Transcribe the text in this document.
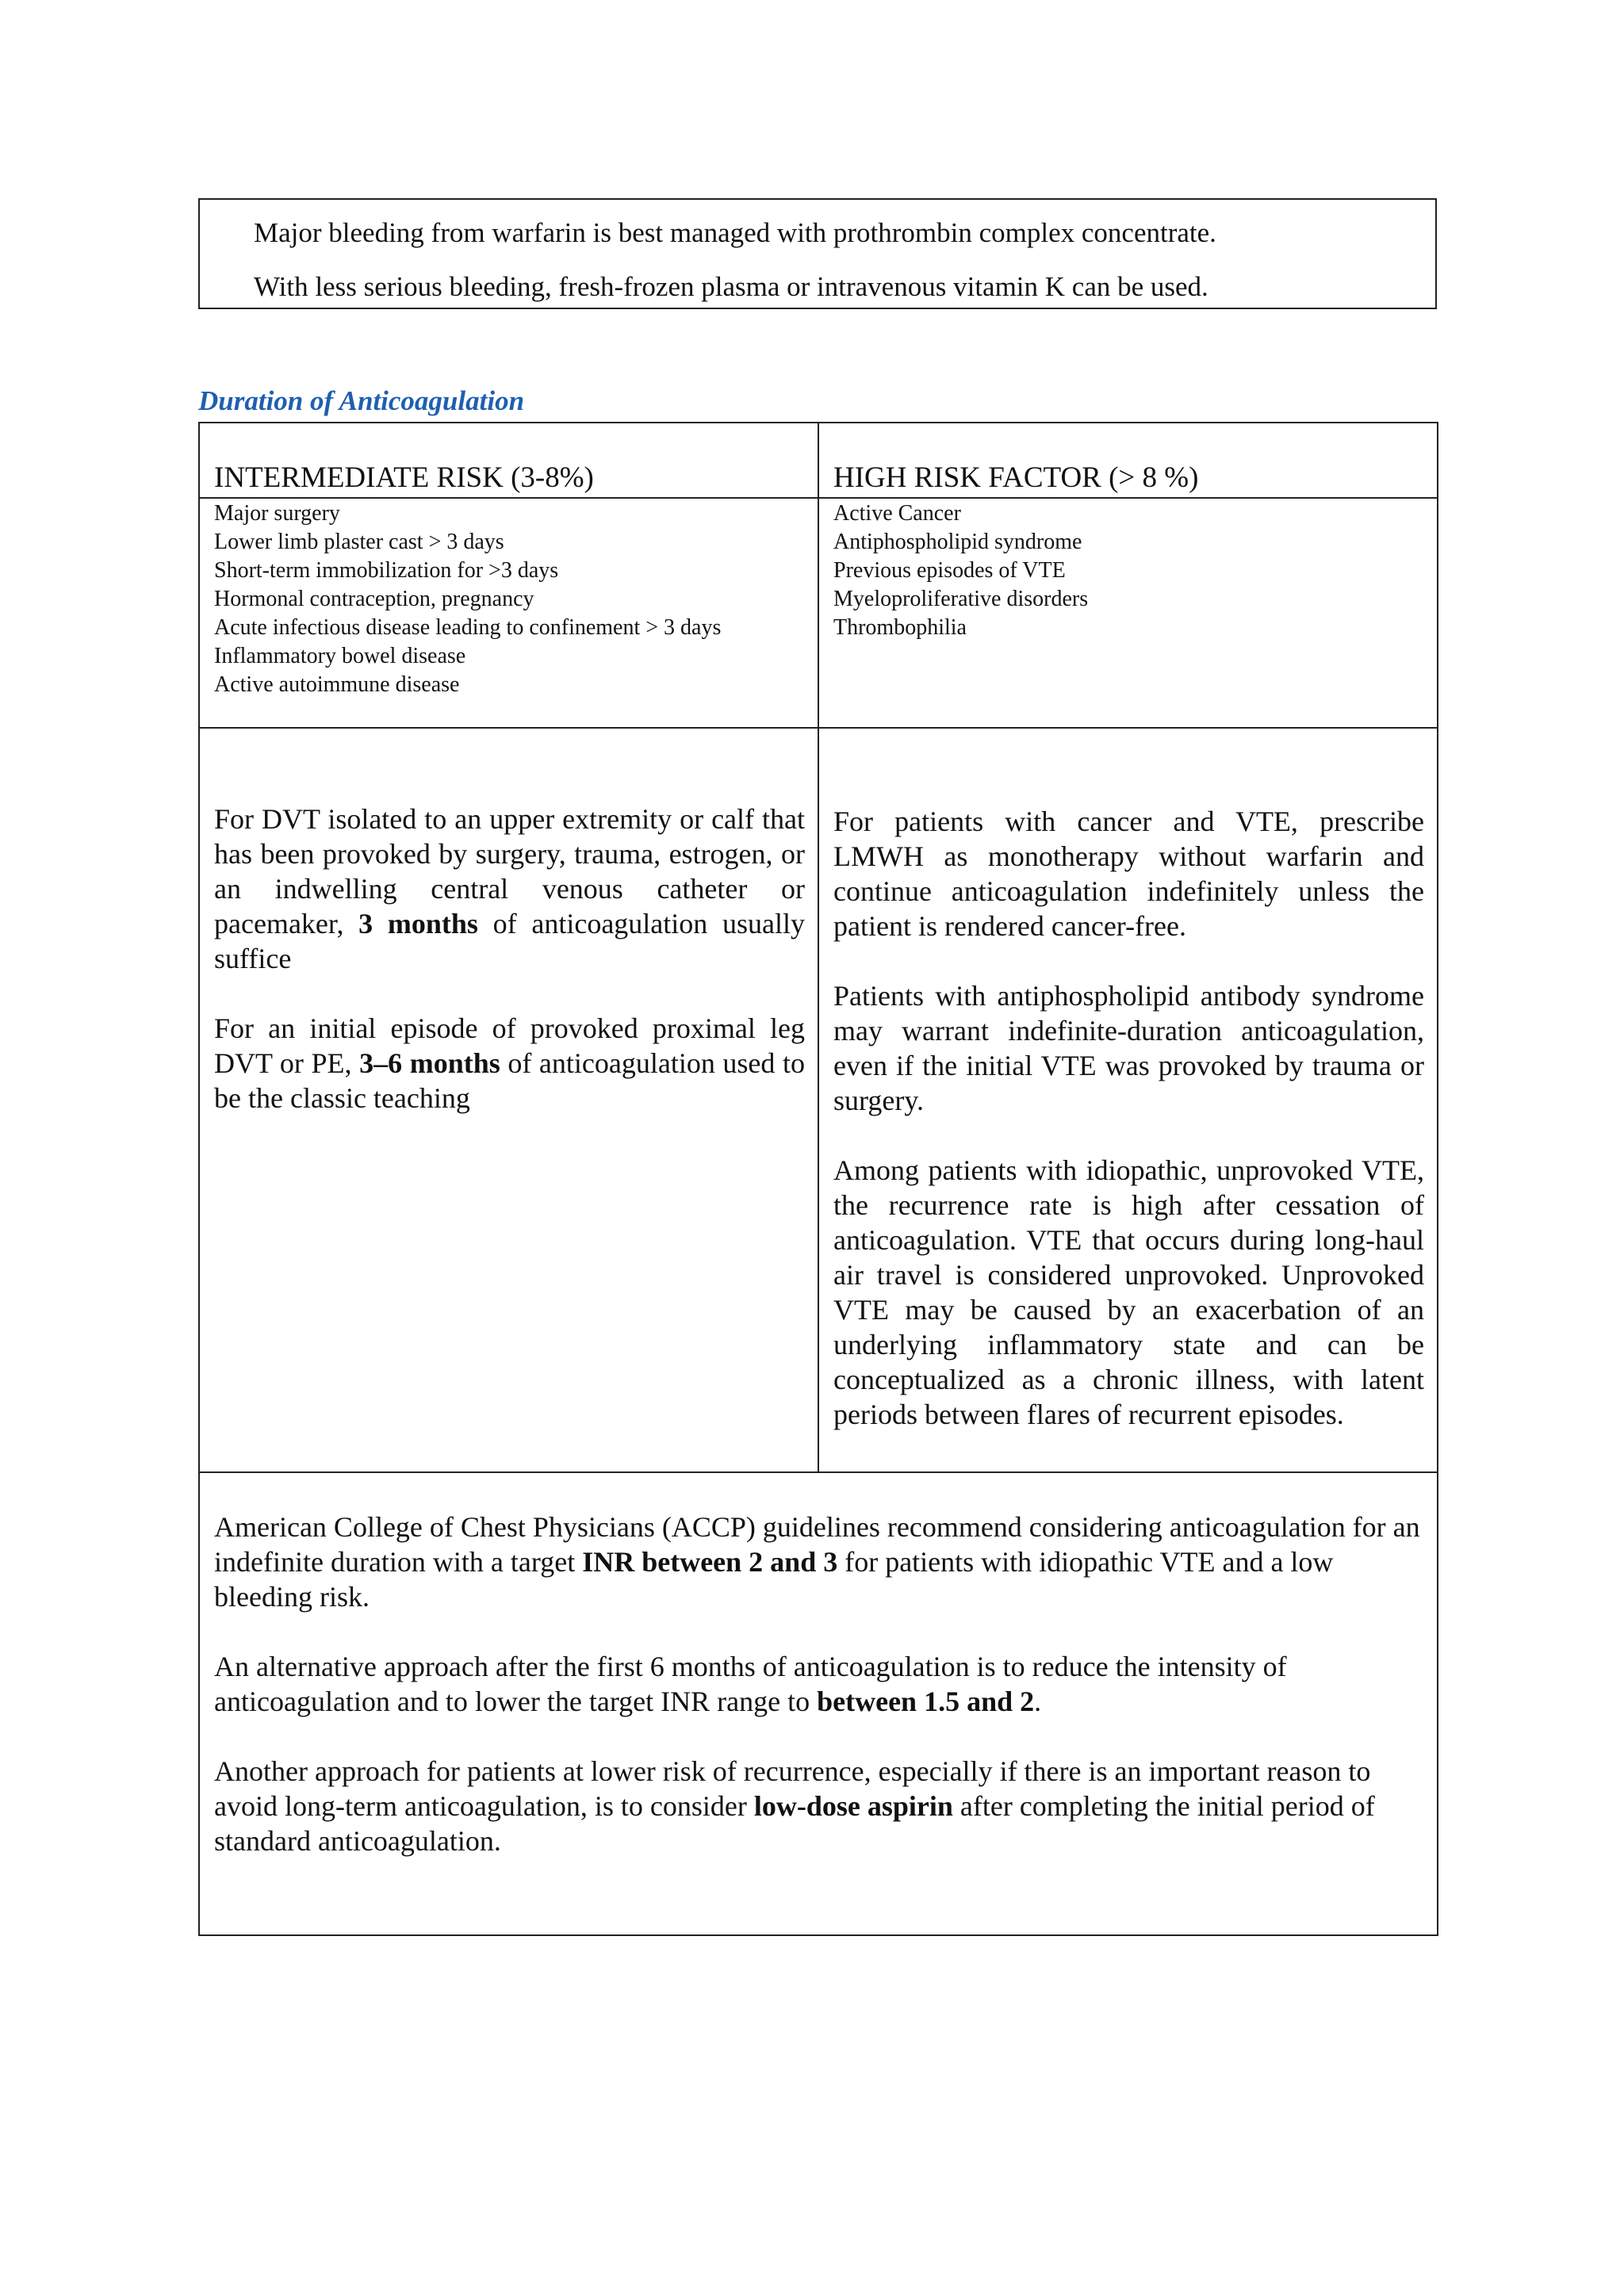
Major bleeding from warfarin is best managed with prothrombin complex concentrate.
With less serious bleeding, fresh-frozen plasma or intravenous vitamin K can be used.
Duration of Anticoagulation
INTERMEDIATE RISK (3-8%)	HIGH RISK FACTOR (> 8 %)
Major surgery
Lower limb plaster cast > 3 days
Short-term immobilization for >3 days
Hormonal contraception, pregnancy
Acute infectious disease leading to confinement > 3 days
Inflammatory bowel disease
Active autoimmune disease
Active Cancer
Antiphospholipid syndrome
Previous episodes of VTE
Myeloproliferative disorders
Thrombophilia

For DVT isolated to an upper extremity or calf that has been provoked by surgery, trauma, estrogen, or an indwelling central venous catheter or pacemaker, 3 months of anticoagulation usually suffice

For an initial episode of provoked proximal leg DVT or PE, 3–6 months of anticoagulation used to be the classic teaching

For patients with cancer and VTE, prescribe LMWH as monotherapy without warfarin and continue anticoagulation indefinitely unless the patient is rendered cancer-free.

Patients with antiphospholipid antibody syndrome may warrant indefinite-duration anticoagulation, even if the initial VTE was provoked by trauma or surgery.

Among patients with idiopathic, unprovoked VTE, the recurrence rate is high after cessation of anticoagulation. VTE that occurs during long-haul air travel is considered unprovoked. Unprovoked VTE may be caused by an exacerbation of an underlying inflammatory state and can be conceptualized as a chronic illness, with latent periods between flares of recurrent episodes.

American College of Chest Physicians (ACCP) guidelines recommend considering anticoagulation for an indefinite duration with a target INR between 2 and 3 for patients with idiopathic VTE and a low bleeding risk.

An alternative approach after the first 6 months of anticoagulation is to reduce the intensity of anticoagulation and to lower the target INR range to between 1.5 and 2.

Another approach for patients at lower risk of recurrence, especially if there is an important reason to avoid long-term anticoagulation, is to consider low-dose aspirin after completing the initial period of standard anticoagulation.
